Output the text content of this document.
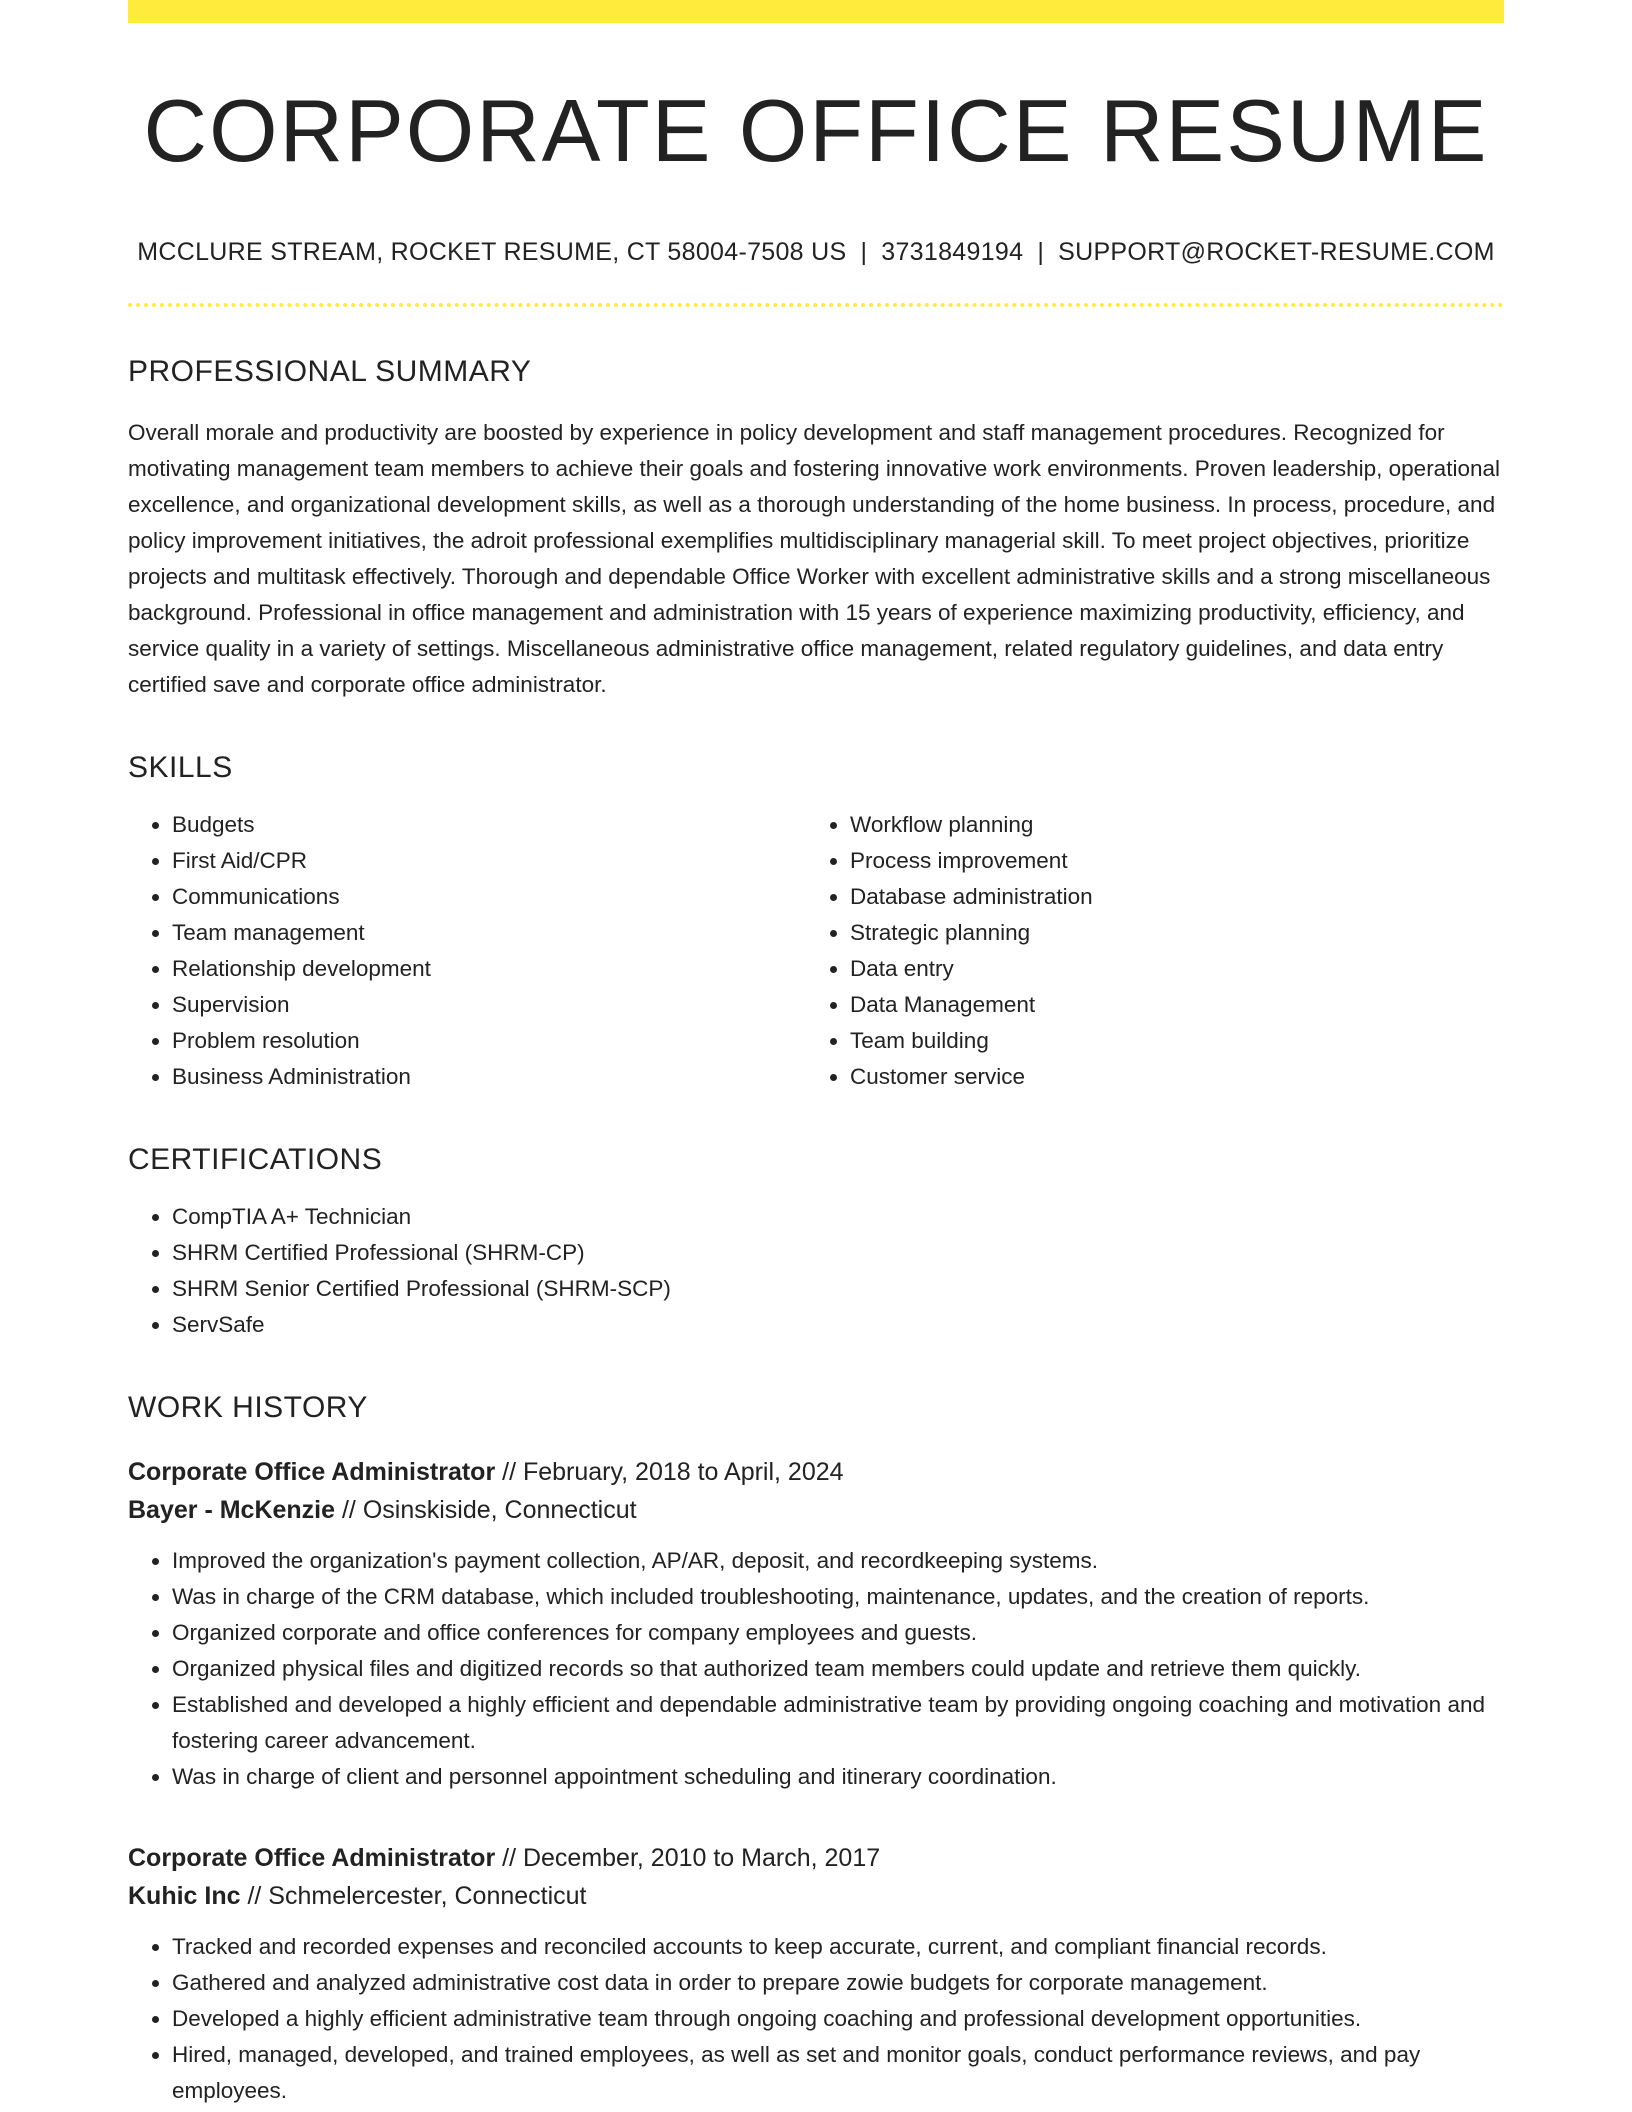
CORPORATE OFFICE RESUME
MCCLURE STREAM, ROCKET RESUME, CT 58004-7508 US | 3731849194 | SUPPORT@ROCKET-RESUME.COM
PROFESSIONAL SUMMARY

Overall morale and productivity are boosted by experience in policy development and staff management procedures. Recognized for motivating management team members to achieve their goals and fostering innovative work environments. Proven leadership, operational excellence, and organizational development skills, as well as a thorough understanding of the home business. In process, procedure, and policy improvement initiatives, the adroit professional exemplifies multidisciplinary managerial skill. To meet project objectives, prioritize projects and multitask effectively. Thorough and dependable Office Worker with excellent administrative skills and a strong miscellaneous background. Professional in office management and administration with 15 years of experience maximizing productivity, efficiency, and service quality in a variety of settings. Miscellaneous administrative office management, related regulatory guidelines, and data entry certified save and corporate office administrator.

SKILLS
• Budgets
• First Aid/CPR
• Communications
• Team management
• Relationship development
• Supervision
• Problem resolution
• Business Administration
• Workflow planning
• Process improvement
• Database administration
• Strategic planning
• Data entry
• Data Management
• Team building
• Customer service
CERTIFICATIONS
• CompTIA A+ Technician
• SHRM Certified Professional (SHRM-CP)
• SHRM Senior Certified Professional (SHRM-SCP)
• ServSafe
WORK HISTORY
Corporate Office Administrator // February, 2018 to April, 2024
Bayer - McKenzie // Osinskiside, Connecticut
• Improved the organization's payment collection, AP/AR, deposit, and recordkeeping systems.
• Was in charge of the CRM database, which included troubleshooting, maintenance, updates, and the creation of reports.
• Organized corporate and office conferences for company employees and guests.
• Organized physical files and digitized records so that authorized team members could update and retrieve them quickly.
• Established and developed a highly efficient and dependable administrative team by providing ongoing coaching and motivation and fostering career advancement.
• Was in charge of client and personnel appointment scheduling and itinerary coordination.
Corporate Office Administrator // December, 2010 to March, 2017
Kuhic Inc // Schmelercester, Connecticut
• Tracked and recorded expenses and reconciled accounts to keep accurate, current, and compliant financial records.
• Gathered and analyzed administrative cost data in order to prepare zowie budgets for corporate management.
• Developed a highly efficient administrative team through ongoing coaching and professional development opportunities.
• Hired, managed, developed, and trained employees, as well as set and monitor goals, conduct performance reviews, and pay employees.
